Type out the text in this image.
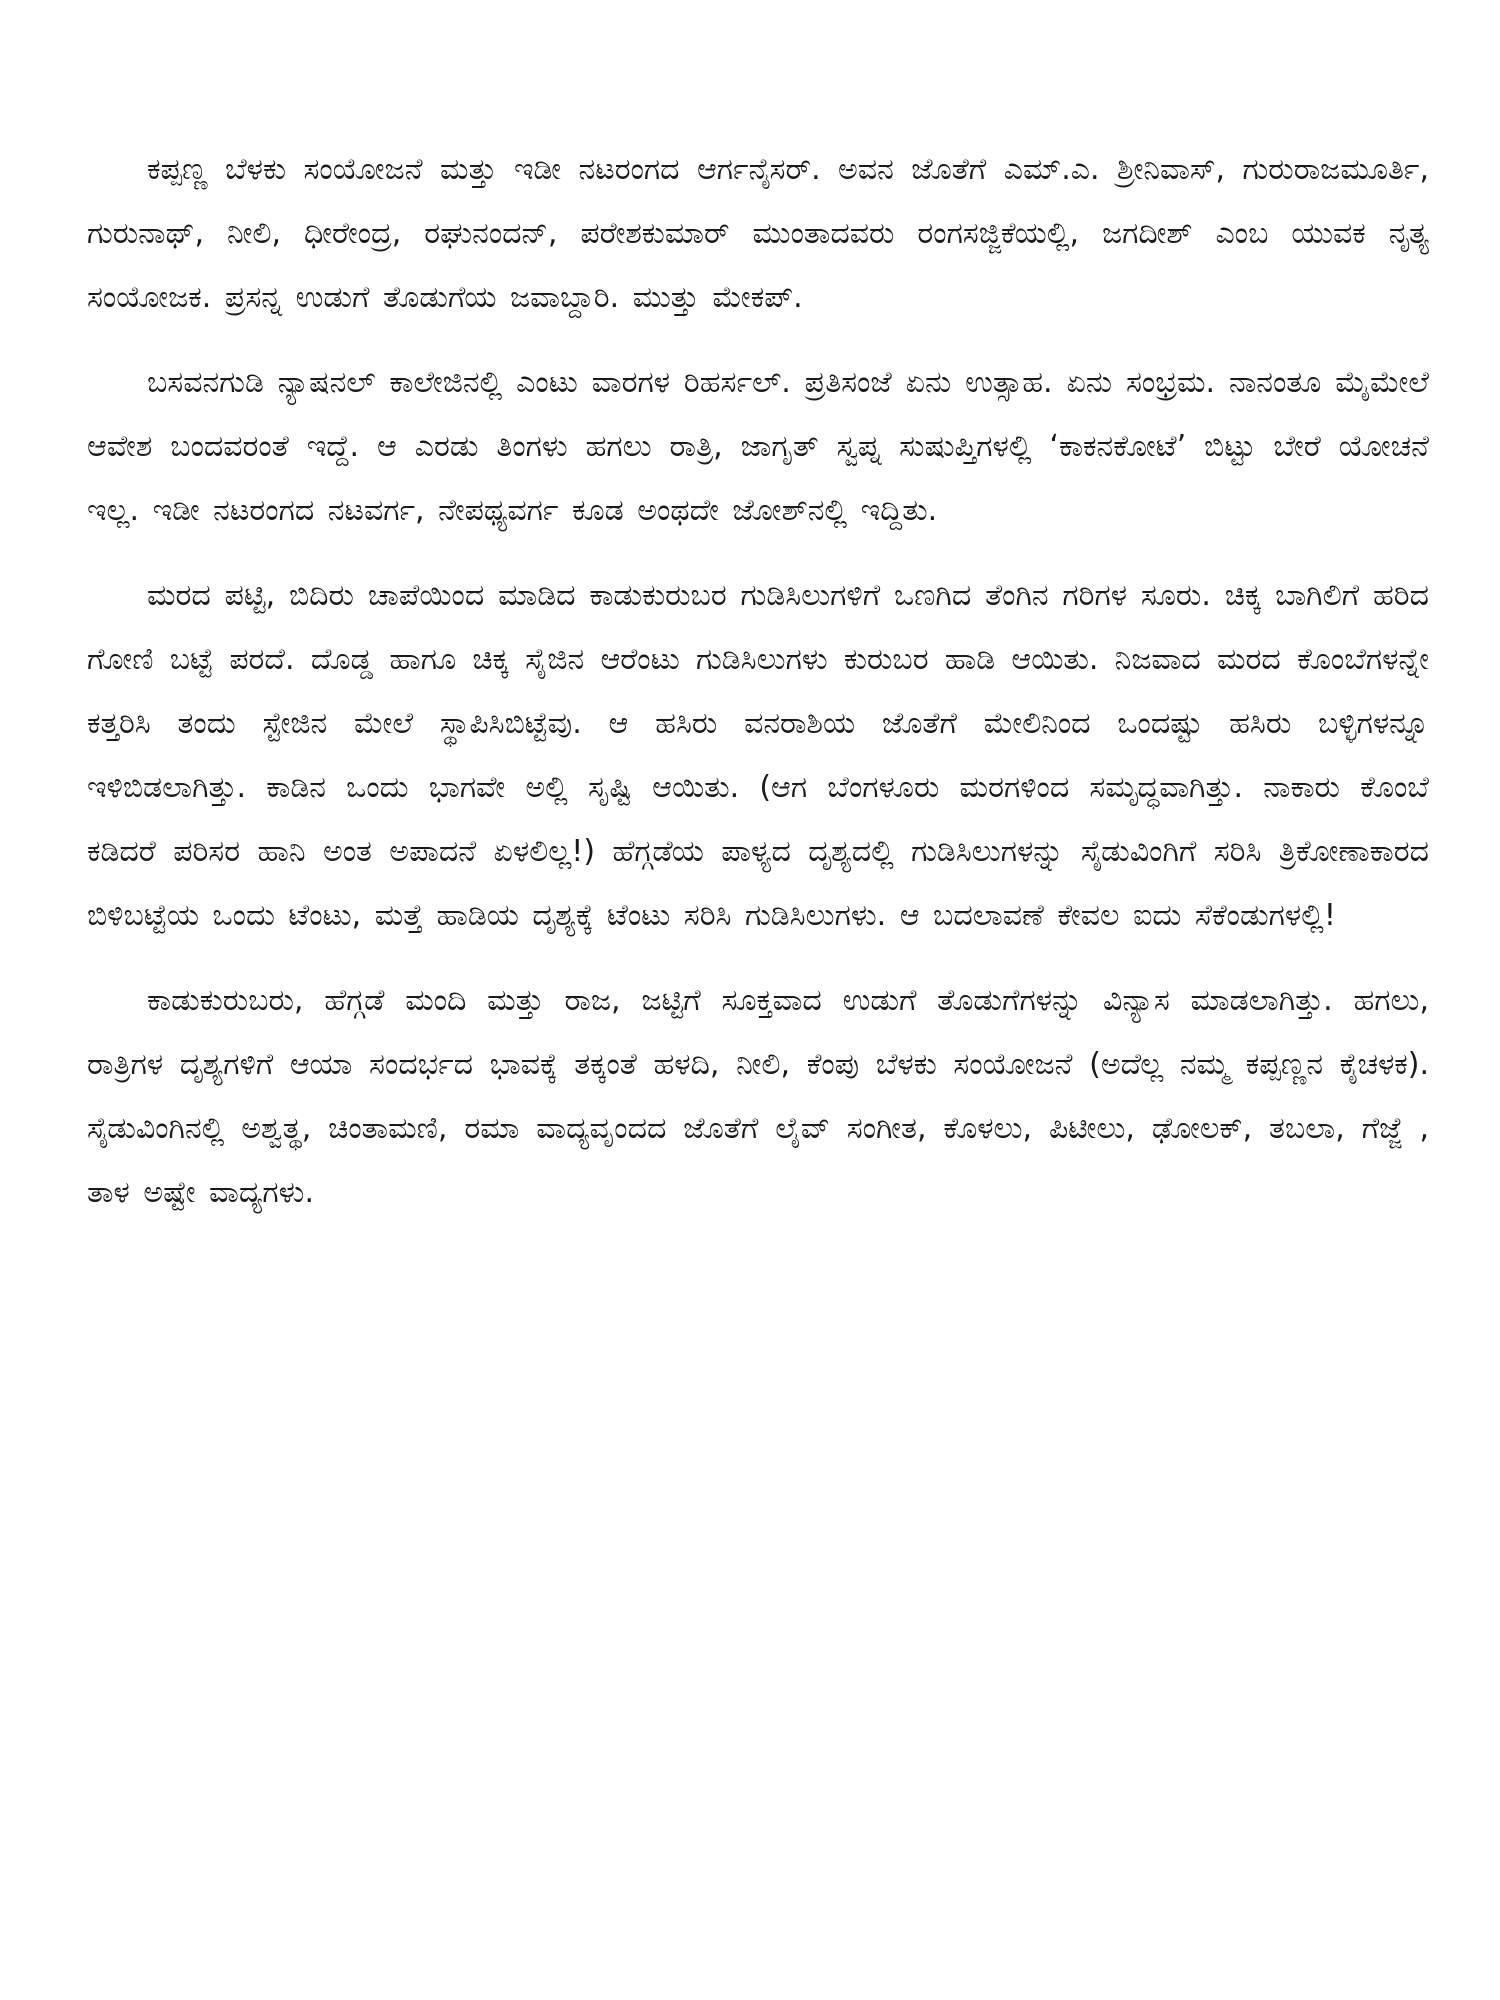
ಕಪ್ಪಣ್ಣ ಬೆಳಕು ಸಂಯೋಜನೆ ಮತ್ತು ಇಡೀ ನಟರಂಗದ ಆರ್ಗನೈಸರ್. ಅವನ ಜೊತೆಗೆ ಎಮ್.ಎ. ಶ್ರೀನಿವಾಸ್, ಗುರುರಾಜಮೂರ್ತಿ, ಗುರುನಾಥ್, ನೀಲಿ, ಧೀರೇಂದ್ರ, ರಘುನಂದನ್, ಪರೇಶಕುಮಾರ್ ಮುಂತಾದವರು ರಂಗಸಜ್ಜಿಕೆಯಲ್ಲಿ, ಜಗದೀಶ್ ಎಂಬ ಯುವಕ ನೃತ್ಯ ಸಂಯೋಜಕ. ಪ್ರಸನ್ನ ಉಡುಗೆ ತೊಡುಗೆಯ ಜವಾಬ್ದಾರಿ. ಮುತ್ತು ಮೇಕಪ್.

ಬಸವನಗುಡಿ ನ್ಯಾಷನಲ್ ಕಾಲೇಜಿನಲ್ಲಿ ಎಂಟು ವಾರಗಳ ರಿಹರ್ಸಲ್. ಪ್ರತಿಸಂಜೆ ಏನು ಉತ್ಸಾಹ. ಏನು ಸಂಭ್ರಮ. ನಾನಂತೂ ಮೈಮೇಲೆ ಆವೇಶ ಬಂದವರಂತೆ ಇದ್ದೆ. ಆ ಎರಡು ತಿಂಗಳು ಹಗಲು ರಾತ್ರಿ, ಜಾಗೃತ್ ಸ್ವಪ್ನ ಸುಷುಪ್ತಿಗಳಲ್ಲಿ ‘ಕಾಕನಕೋಟೆ’ ಬಿಟ್ಟು ಬೇರೆ ಯೋಚನೆ ಇಲ್ಲ. ಇಡೀ ನಟರಂಗದ ನಟವರ್ಗ, ನೇಪಥ್ಯವರ್ಗ ಕೂಡ ಅಂಥದೇ ಜೋಶ್‌ನಲ್ಲಿ ಇದ್ದಿತು.

ಮರದ ಪಟ್ಟಿ, ಬಿದಿರು ಚಾಪೆಯಿಂದ ಮಾಡಿದ ಕಾಡುಕುರುಬರ ಗುಡಿಸಿಲುಗಳಿಗೆ ಒಣಗಿದ ತೆಂಗಿನ ಗರಿಗಳ ಸೂರು. ಚಿಕ್ಕ ಬಾಗಿಲಿಗೆ ಹರಿದ ಗೋಣಿ ಬಟ್ಟೆ ಪರದೆ. ದೊಡ್ಡ ಹಾಗೂ ಚಿಕ್ಕ ಸೈಜಿನ ಆರೆಂಟು ಗುಡಿಸಿಲುಗಳು ಕುರುಬರ ಹಾಡಿ ಆಯಿತು. ನಿಜವಾದ ಮರದ ಕೊಂಬೆಗಳನ್ನೇ ಕತ್ತರಿಸಿ ತಂದು ಸ್ಟೇಜಿನ ಮೇಲೆ ಸ್ಥಾಪಿಸಿಬಿಟ್ಟೆವು. ಆ ಹಸಿರು ವನರಾಶಿಯ ಜೊತೆಗೆ ಮೇಲಿನಿಂದ ಒಂದಷ್ಟು ಹಸಿರು ಬಳ್ಳಿಗಳನ್ನೂ ಇಳಿಬಿಡಲಾಗಿತ್ತು. ಕಾಡಿನ ಒಂದು ಭಾಗವೇ ಅಲ್ಲಿ ಸೃಷ್ಟಿ ಆಯಿತು. (ಆಗ ಬೆಂಗಳೂರು ಮರಗಳಿಂದ ಸಮೃದ್ಧವಾಗಿತ್ತು. ನಾಕಾರು ಕೊಂಬೆ ಕಡಿದರೆ ಪರಿಸರ ಹಾನಿ ಅಂತ ಅಪಾದನೆ ಏಳಲಿಲ್ಲ!) ಹೆಗ್ಗಡೆಯ ಪಾಳ್ಯದ ದೃಶ್ಯದಲ್ಲಿ ಗುಡಿಸಿಲುಗಳನ್ನು ಸೈಡುವಿಂಗಿಗೆ ಸರಿಸಿ ತ್ರಿಕೋಣಾಕಾರದ ಬಿಳಿಬಟ್ಟೆಯ ಒಂದು ಟೆಂಟು, ಮತ್ತೆ ಹಾಡಿಯ ದೃಶ್ಯಕ್ಕೆ ಟೆಂಟು ಸರಿಸಿ ಗುಡಿಸಿಲುಗಳು. ಆ ಬದಲಾವಣೆ ಕೇವಲ ಐದು ಸೆಕೆಂಡುಗಳಲ್ಲಿ!

ಕಾಡುಕುರುಬರು, ಹೆಗ್ಗಡೆ ಮಂದಿ ಮತ್ತು ರಾಜ, ಜಟ್ಟಿಗೆ ಸೂಕ್ತವಾದ ಉಡುಗೆ ತೊಡುಗೆಗಳನ್ನು ವಿನ್ಯಾಸ ಮಾಡಲಾಗಿತ್ತು. ಹಗಲು, ರಾತ್ರಿಗಳ ದೃಶ್ಯಗಳಿಗೆ ಆಯಾ ಸಂದರ್ಭದ ಭಾವಕ್ಕೆ ತಕ್ಕಂತೆ ಹಳದಿ, ನೀಲಿ, ಕೆಂಪು ಬೆಳಕು ಸಂಯೋಜನೆ (ಅದೆಲ್ಲ ನಮ್ಮ ಕಪ್ಪಣ್ಣನ ಕೈಚಳಕ). ಸೈಡುವಿಂಗಿನಲ್ಲಿ ಅಶ್ವತ್ಥ, ಚಿಂತಾಮಣಿ, ರಮಾ ವಾದ್ಯವೃಂದದ ಜೊತೆಗೆ ಲೈವ್ ಸಂಗೀತ, ಕೊಳಲು, ಪಿಟೀಲು, ಢೋಲಕ್, ತಬಲಾ, ಗೆಜ್ಜೆ , ತಾಳ ಅಷ್ಟೇ ವಾದ್ಯಗಳು.
